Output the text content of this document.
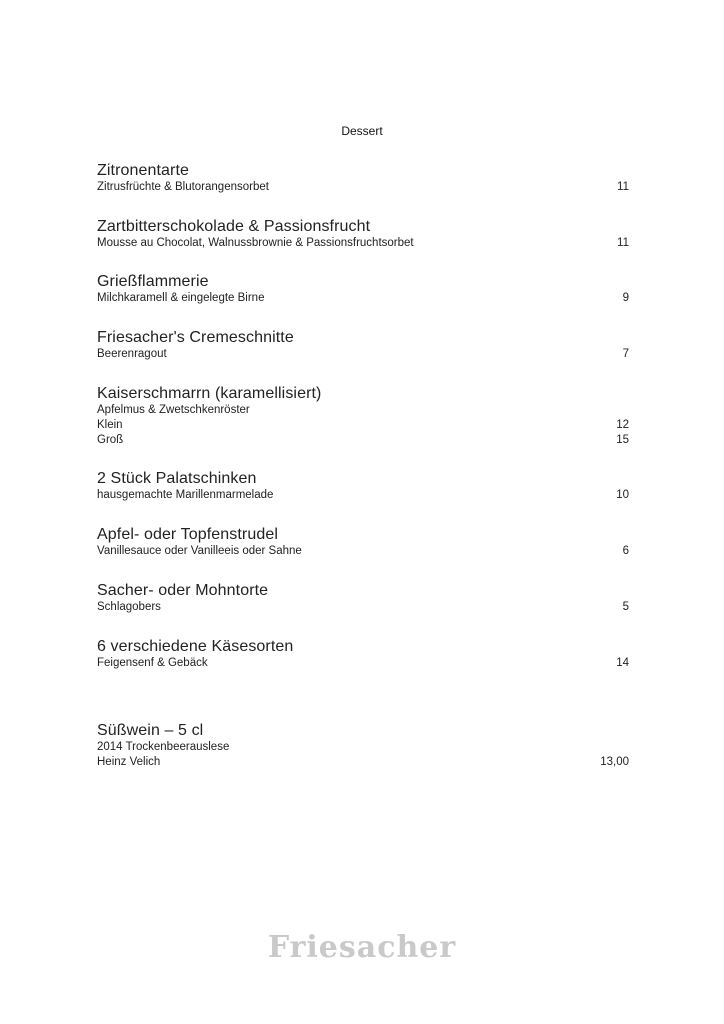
Dessert
Zitronentarte
Zitrusfrüchte & Blutorangensorbet	11
Zartbitterschokolade & Passionsfrucht
Mousse au Chocolat, Walnussbrownie & Passionsfruchtsorbet	11
Grießflammerie
Milchkaramell & eingelegte Birne	9
Friesacher's Cremeschnitte
Beerenragout	7
Kaiserschmarrn (karamellisiert)
Apfelmus & Zwetschkenröster
Klein	12
Groß	15
2 Stück Palatschinken
hausgemachte Marillenmarmelade	10
Apfel- oder Topfenstrudel
Vanillesauce oder Vanilleeis oder Sahne	6
Sacher- oder Mohntorte
Schlagobers	5
6 verschiedene Käsesorten
Feigensenf & Gebäck	14
Süßwein – 5 cl
2014 Trockenbeerauslese
Heinz Velich	13,00
Friesacher
